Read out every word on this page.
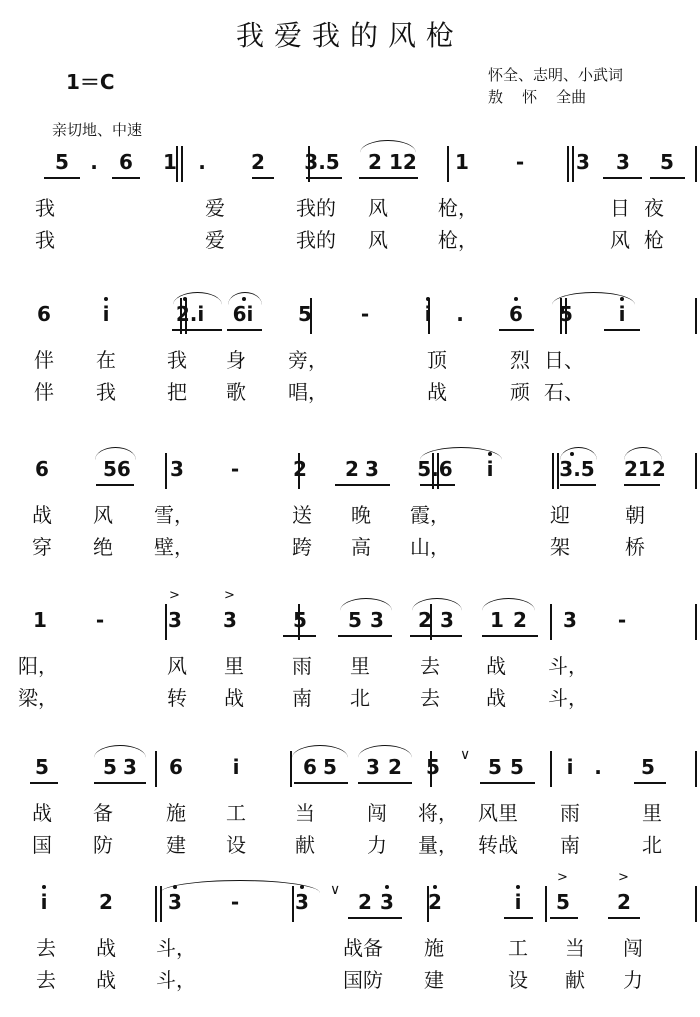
我爱我的风枪
1＝C	怀全、志明、小武词
敖    怀    全曲
亲切地、中速
5	.	6	1	.	2	3.5	2 12	1	-	3	3	5
我	爱	我的 风	枪，	日 夜
我	爱	我的 风	枪，	风 枪
6	i	2.i 6i	5	-	i	.	6	5	i
伴 在	我 身 旁，	顶	烈 日、
伴 我	把 歌 唱，	战	顽 石、
6	56	3	-	2	2 3	5.6	i	3.5 212
战 风 雪，	送 晚 霞，	迎	朝
穿 绝 壁，	跨 高 山，	架	桥
1	-	3 >	3 >	5	5 3	2 3	1 2	3	-
阳，	风 里 雨 里	去 战 斗，
梁，	转 战 南 北	去 战 斗，
5	5 3	6	i	6 5	3 2	5	5 5	i	.	5
∨
战 备	施 工 当	闯 将， 风里 雨	里
国 防	建 设 献	力 量， 转战 南	北
i	2	3	-	3	2 3	2	i	5 >	2 >
∨
去 战 斗，	战备 施	工 当 闯
去 战 斗，	国防 建	设 献 力
